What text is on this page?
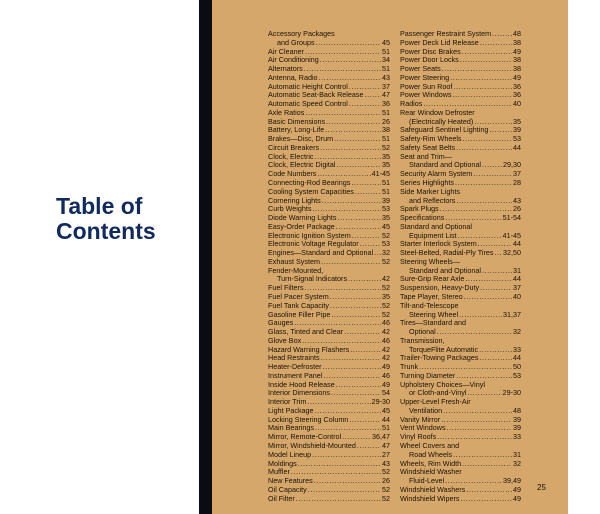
Table of
Contents
Accessory Packages
and Groups .....	45
Air Cleaner .....	51
Air Conditioning .....	34
Alternators .....	51
Antenna, Radio .....	43
Automatic Height Control .....	37
Automatic Seat-Back Release .....	47
Automatic Speed Control .....	36
Axle Ratios .....	51
Basic Dimensions .....	26
Battery, Long-Life .....	38
Brakes—Disc, Drum .....	51
Circuit Breakers .....	52
Clock, Electric .....	35
Clock, Electric Digital .....	35
Code Numbers .....	41-45
Connecting-Rod Bearings .....	51
Cooling System Capacities .....	51
Cornering Lights .....	39
Curb Weights .....	53
Diode Warning Lights .....	35
Easy-Order Package .....	45
Electronic Ignition System .....	52
Electronic Voltage Regulator .....	53
Engines—Standard and Optional ..... 32
Exhaust System .....	52
Fender-Mounted,
Turn-Signal Indicators .....	42
Fuel Filters .....	52
Fuel Pacer System .....	35
Fuel Tank Capacity .....	52
Gasoline Filler Pipe .....	52
Gauges .....	46
Glass, Tinted and Clear .....	42
Glove Box .....	46
Hazard Warning Flashers .....	42
Head Restraints .....	42
Heater-Defroster .....	49
Instrument Panel .....	46
Inside Hood Release .....	49
Interior Dimensions .....	54
Interior Trim .....	29-30
Light Package .....	45
Locking Steering Column .....	44
Main Bearings .....	51
Mirror, Remote-Control .....	36,47
Mirror, Windshield-Mounted .....	47
Model Lineup .....	27
Moldings .....	43
Muffler .....	52
New Features .....	26
Oil Capacity .....	52
Oil Filter .....	52
Passenger Restraint System .....	48
Power Deck Lid Release .....	38
Power Disc Brakes .....	49
Power Door Locks .....	38
Power Seats .....	38
Power Steering .....	49
Power Sun Roof .....	36
Power Windows .....	36
Radios .....	40
Rear Window Defroster
(Electrically Heated) .....	35
Safeguard Sentinel Lighting .....	39
Safety-Rim Wheels .....	53
Safety Seat Belts .....	44
Seat and Trim—
Standard and Optional .....	29,30
Security Alarm System .....	37
Series Highlights .....	28
Side Marker Lights
and Reflectors .....	43
Spark Plugs .....	26
Specifications .....	51-54
Standard and Optional
Equipment List .....	41-45
Starter Interlock System .....	44
Steel-Belted, Radial-Ply Tires ..... 32,50
Steering Wheels—
Standard and Optional .....	31
Sure-Grip Rear Axle .....	44
Suspension, Heavy-Duty .....	37
Tape Player, Stereo .....	40
Tilt-and-Telescope
Steering Wheel .....	31,37
Tires—Standard and
Optional .....	32
Transmission,
TorqueFlite Automatic .....	33
Trailer-Towing Packages .....	44
Trunk .....	50
Turning Diameter .....	53
Upholstery Choices—Vinyl
or Cloth-and-Vinyl .....	29-30
Upper-Level Fresh-Air
Ventilation .....	48
Vanity Mirror .....	39
Vent Windows .....	39
Vinyl Roofs .....	33
Wheel Covers and
Road Wheels .....	31
Wheels, Rim Width .....	32
Windshield Washer
Fluid-Level .....	39,49
Windshield Washers .....	49
Windshield Wipers .....	49
25
